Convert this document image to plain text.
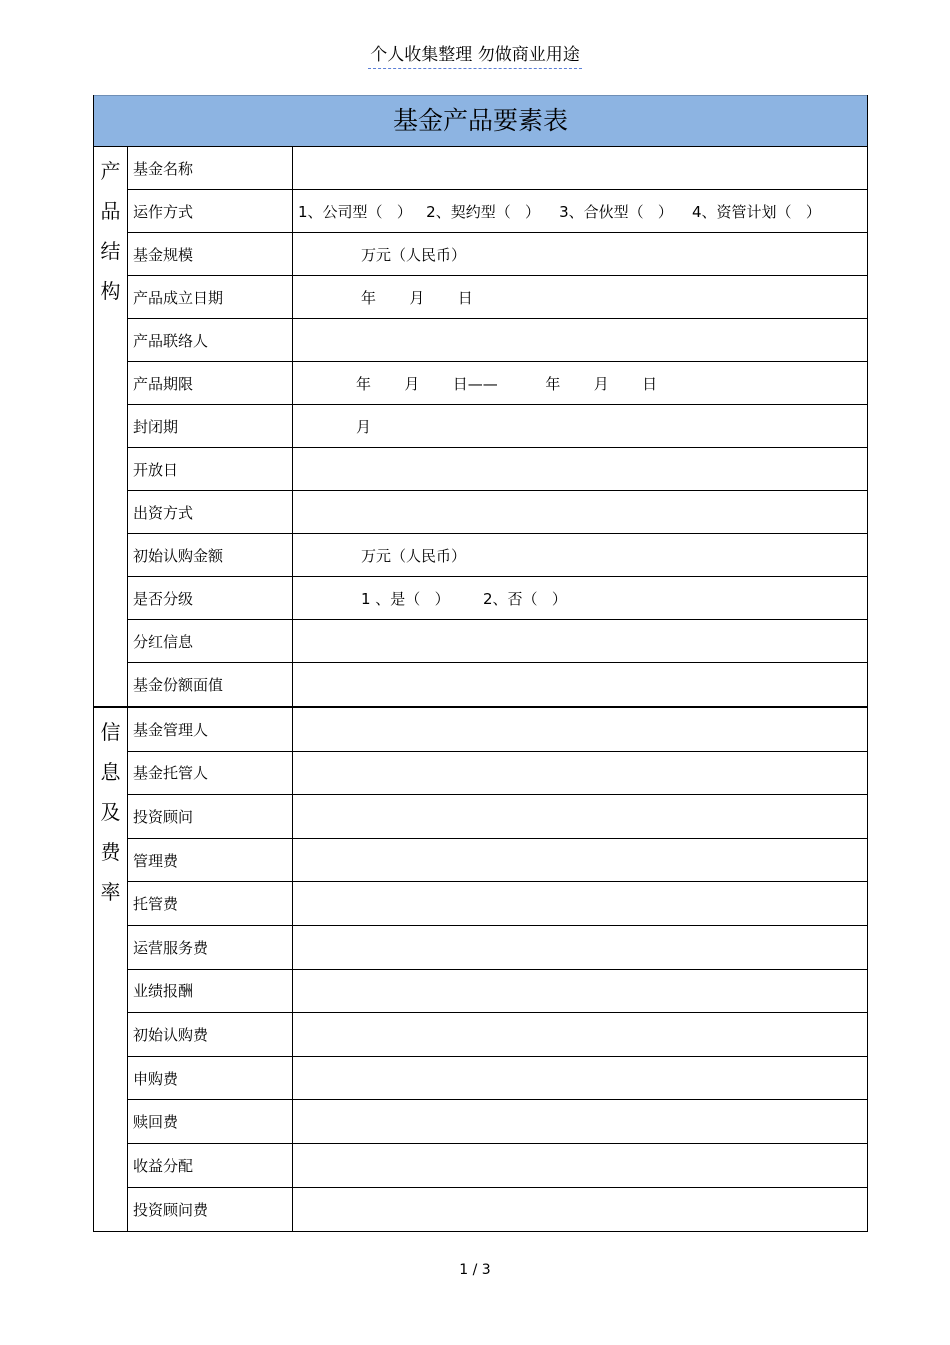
个人收集整理 勿做商业用途
基金产品要素表
产
品
结
构
基金名称
运作方式	1、公司型（   ）   2、契约型（   ）    3、合伙型（   ）    4、资管计划（   ）
基金规模	万元（人民币）
产品成立日期	年       月       日
产品联络人
产品期限	年       月       日——          年       月       日
封闭期	月
开放日
出资方式
初始认购金额	万元（人民币）
是否分级	1 、是（   ）       2、否（   ）
分红信息
基金份额面值
信
息
及
费
率
基金管理人
基金托管人
投资顾问
管理费
托管费
运营服务费
业绩报酬
初始认购费
申购费
赎回费
收益分配
投资顾问费
1 / 3
